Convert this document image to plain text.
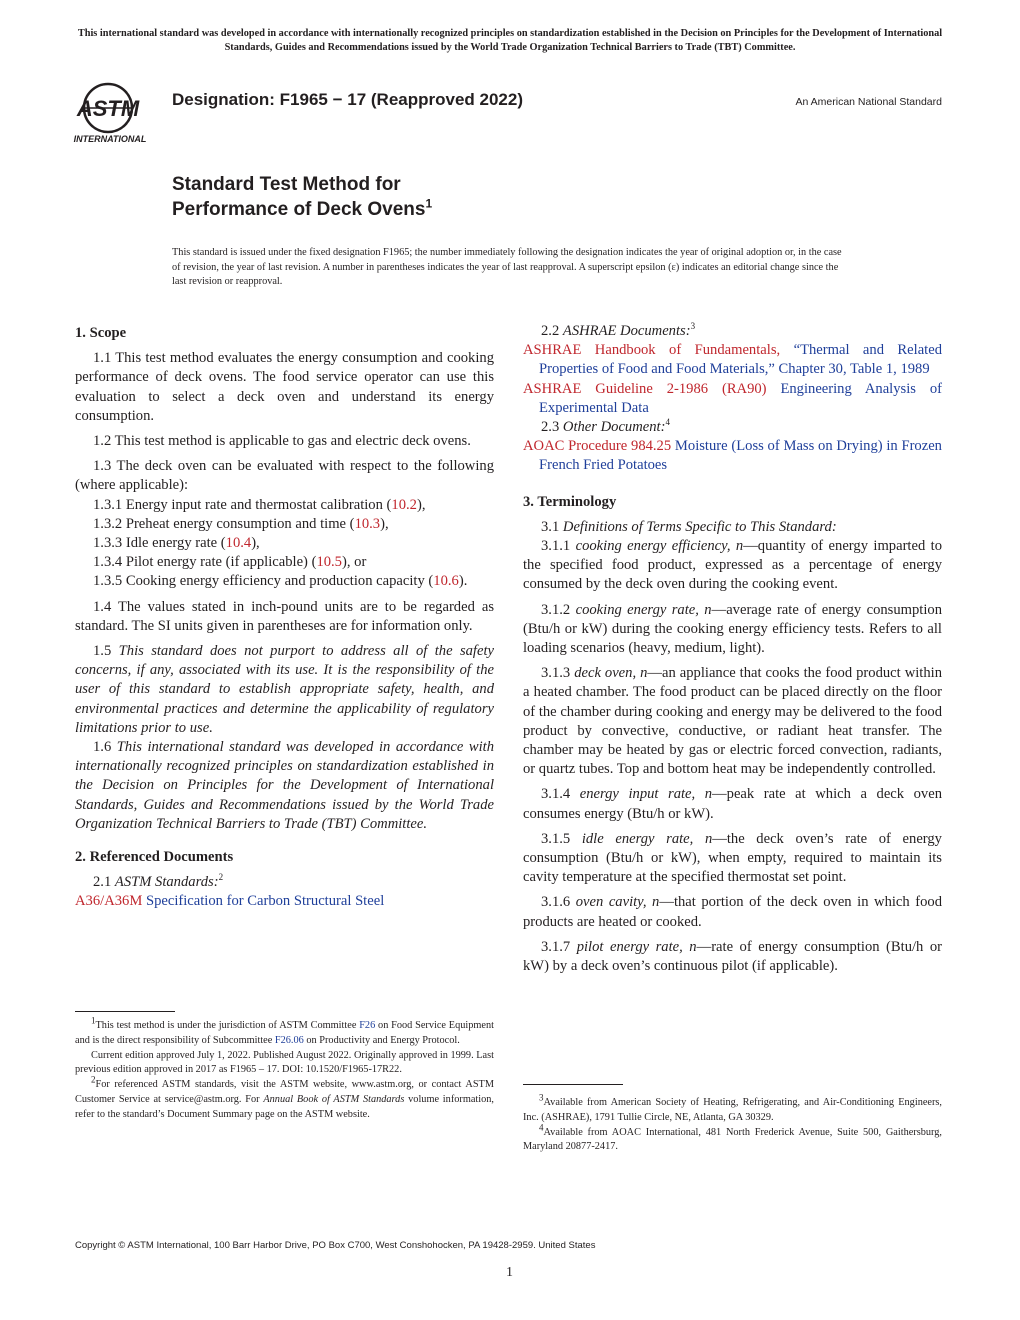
This international standard was developed in accordance with internationally recognized principles on standardization established in the Decision on Principles for the Development of International Standards, Guides and Recommendations issued by the World Trade Organization Technical Barriers to Trade (TBT) Committee.
ASTM
INTERNATIONAL
Designation: F1965 − 17 (Reapproved 2022)	An American National Standard
Standard Test Method for
Performance of Deck Ovens$^1$
This standard is issued under the fixed designation F1965; the number immediately following the designation indicates the year of original adoption or, in the case of revision, the year of last revision. A number in parentheses indicates the year of last reapproval. A superscript epsilon (ε) indicates an editorial change since the last revision or reapproval.

1. Scope

1.1 This test method evaluates the energy consumption and cooking performance of deck ovens. The food service operator can use this evaluation to select a deck oven and understand its energy consumption.

1.2 This test method is applicable to gas and electric deck ovens.

1.3 The deck oven can be evaluated with respect to the following (where applicable):

1.3.1 Energy input rate and thermostat calibration (10.2),

1.3.2 Preheat energy consumption and time (10.3),

1.3.3 Idle energy rate (10.4),

1.3.4 Pilot energy rate (if applicable) (10.5), or

1.3.5 Cooking energy efficiency and production capacity (10.6).

1.4 The values stated in inch-pound units are to be regarded as standard. The SI units given in parentheses are for information only.

1.5 This standard does not purport to address all of the safety concerns, if any, associated with its use. It is the responsibility of the user of this standard to establish appropriate safety, health, and environmental practices and determine the applicability of regulatory limitations prior to use.

1.6 This international standard was developed in accordance with internationally recognized principles on standardization established in the Decision on Principles for the Development of International Standards, Guides and Recommendations issued by the World Trade Organization Technical Barriers to Trade (TBT) Committee.

2. Referenced Documents

2.1 ASTM Standards:$^2$

A36/A36M Specification for Carbon Structural Steel

$^1$This test method is under the jurisdiction of ASTM Committee F26 on Food Service Equipment and is the direct responsibility of Subcommittee F26.06 on Productivity and Energy Protocol.

Current edition approved July 1, 2022. Published August 2022. Originally approved in 1999. Last previous edition approved in 2017 as F1965 – 17. DOI: 10.1520/F1965-17R22.

$^2$For referenced ASTM standards, visit the ASTM website, www.astm.org, or contact ASTM Customer Service at service@astm.org. For Annual Book of ASTM Standards volume information, refer to the standard’s Document Summary page on the ASTM website.

2.2 ASHRAE Documents:$^3$

ASHRAE Handbook of Fundamentals, “Thermal and Related Properties of Food and Food Materials,” Chapter 30, Table 1, 1989

ASHRAE Guideline 2-1986 (RA90) Engineering Analysis of Experimental Data

2.3 Other Document:$^4$

AOAC Procedure 984.25 Moisture (Loss of Mass on Drying) in Frozen French Fried Potatoes

3. Terminology

3.1 Definitions of Terms Specific to This Standard:

3.1.1 cooking energy efficiency, n—quantity of energy imparted to the specified food product, expressed as a percentage of energy consumed by the deck oven during the cooking event.

3.1.2 cooking energy rate, n—average rate of energy consumption (Btu/h or kW) during the cooking energy efficiency tests. Refers to all loading scenarios (heavy, medium, light).

3.1.3 deck oven, n—an appliance that cooks the food product within a heated chamber. The food product can be placed directly on the floor of the chamber during cooking and energy may be delivered to the food product by convective, conductive, or radiant heat transfer. The chamber may be heated by gas or electric forced convection, radiants, or quartz tubes. Top and bottom heat may be independently controlled.

3.1.4 energy input rate, n—peak rate at which a deck oven consumes energy (Btu/h or kW).

3.1.5 idle energy rate, n—the deck oven’s rate of energy consumption (Btu/h or kW), when empty, required to maintain its cavity temperature at the specified thermostat set point.

3.1.6 oven cavity, n—that portion of the deck oven in which food products are heated or cooked.

3.1.7 pilot energy rate, n—rate of energy consumption (Btu/h or kW) by a deck oven’s continuous pilot (if applicable).

$^3$Available from American Society of Heating, Refrigerating, and Air-Conditioning Engineers, Inc. (ASHRAE), 1791 Tullie Circle, NE, Atlanta, GA 30329.

$^4$Available from AOAC International, 481 North Frederick Avenue, Suite 500, Gaithersburg, Maryland 20877-2417.

Copyright © ASTM International, 100 Barr Harbor Drive, PO Box C700, West Conshohocken, PA 19428-2959. United States
1
